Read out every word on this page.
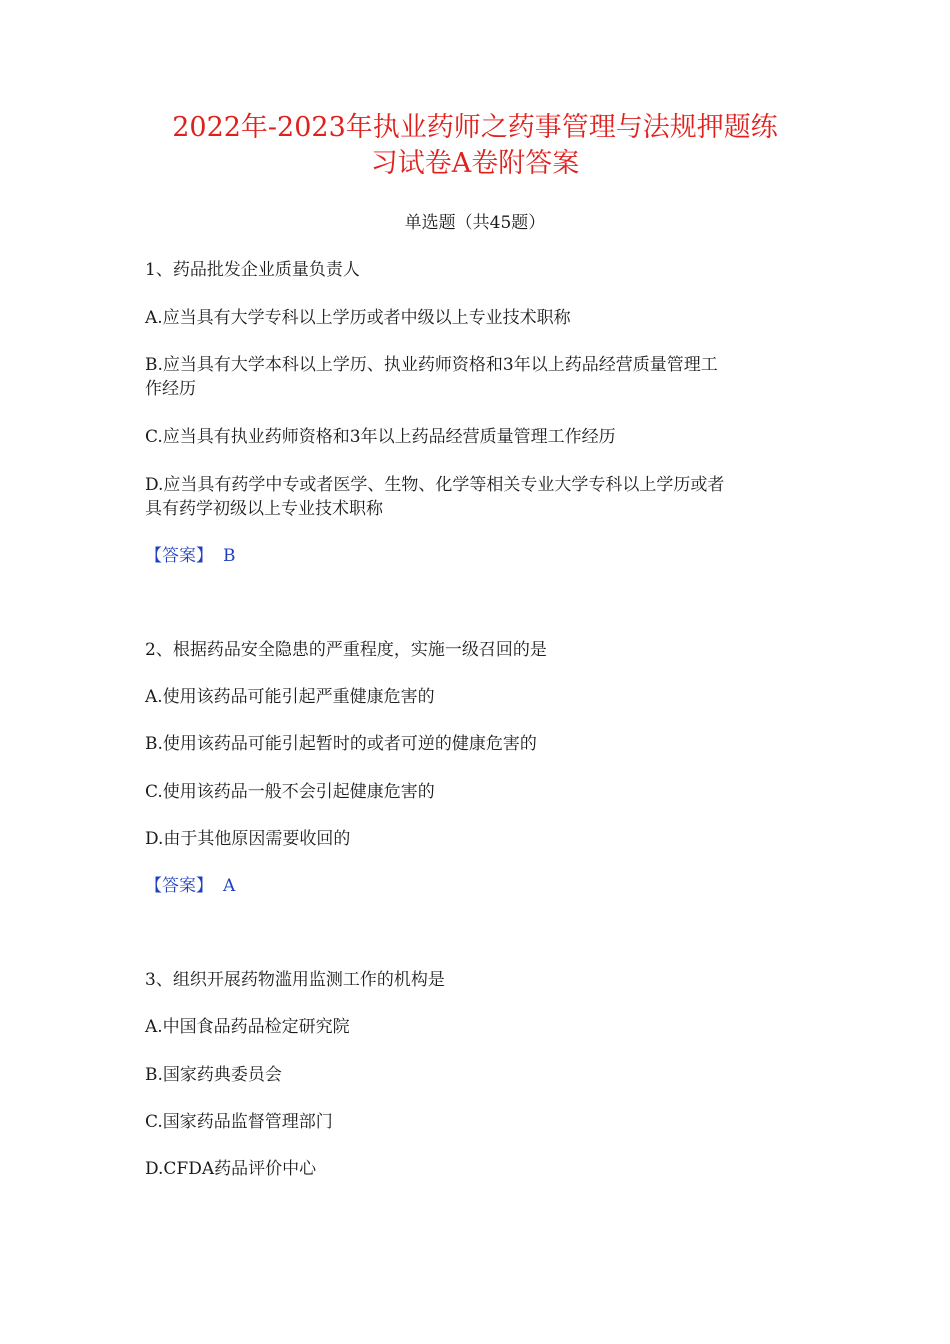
2022年-2023年执业药师之药事管理与法规押题练
习试卷A卷附答案
单选题（共45题）

1、药品批发企业质量负责人

A.应当具有大学专科以上学历或者中级以上专业技术职称

B.应当具有大学本科以上学历、执业药师资格和3年以上药品经营质量管理工

作经历

C.应当具有执业药师资格和3年以上药品经营质量管理工作经历

D.应当具有药学中专或者医学、生物、化学等相关专业大学专科以上学历或者

具有药学初级以上专业技术职称

【答案】 B

2、根据药品安全隐患的严重程度，实施一级召回的是

A.使用该药品可能引起严重健康危害的

B.使用该药品可能引起暂时的或者可逆的健康危害的

C.使用该药品一般不会引起健康危害的

D.由于其他原因需要收回的

【答案】 A

3、组织开展药物滥用监测工作的机构是

A.中国食品药品检定研究院

B.国家药典委员会

C.国家药品监督管理部门

D.CFDA药品评价中心
